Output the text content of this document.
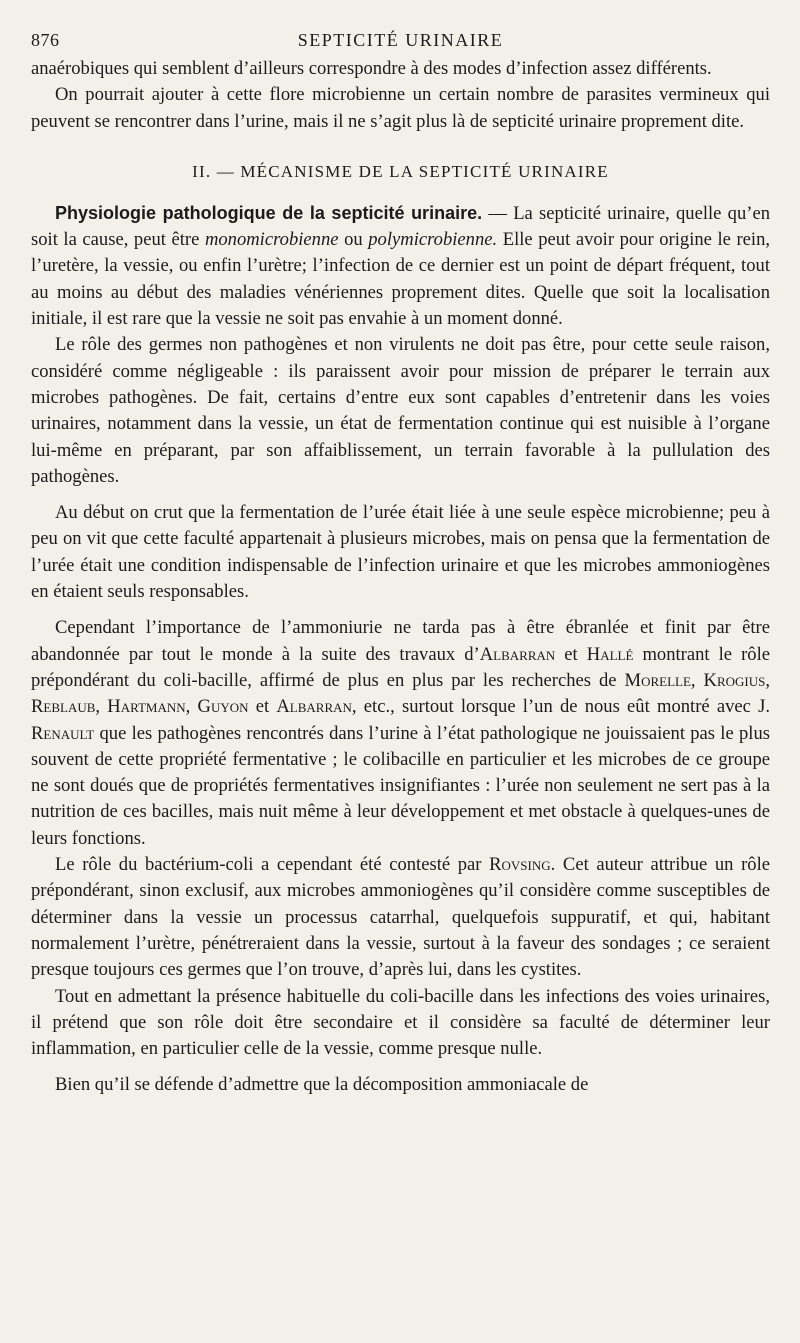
876	SEPTICITÉ URINAIRE

anaérobiques qui semblent d’ailleurs correspondre à des modes d’infection assez différents.

On pourrait ajouter à cette flore microbienne un certain nombre de parasites vermineux qui peuvent se rencontrer dans l’urine, mais il ne s’agit plus là de septicité urinaire proprement dite.

II. — MÉCANISME DE LA SEPTICITÉ URINAIRE

Physiologie pathologique de la septicité urinaire. — La septicité urinaire, quelle qu’en soit la cause, peut être monomicrobienne ou polymicrobienne. Elle peut avoir pour origine le rein, l’uretère, la vessie, ou enfin l’urètre; l’infection de ce dernier est un point de départ fréquent, tout au moins au début des maladies vénériennes proprement dites. Quelle que soit la localisation initiale, il est rare que la vessie ne soit pas envahie à un moment donné.

Le rôle des germes non pathogènes et non virulents ne doit pas être, pour cette seule raison, considéré comme négligeable : ils paraissent avoir pour mission de préparer le terrain aux microbes pathogènes. De fait, certains d’entre eux sont capables d’entretenir dans les voies urinaires, notamment dans la vessie, un état de fermentation continue qui est nuisible à l’organe lui-même en préparant, par son affaiblissement, un terrain favorable à la pullulation des pathogènes.

Au début on crut que la fermentation de l’urée était liée à une seule espèce microbienne; peu à peu on vit que cette faculté appartenait à plusieurs microbes, mais on pensa que la fermentation de l’urée était une condition indispensable de l’infection urinaire et que les microbes ammoniogènes en étaient seuls responsables.

Cependant l’importance de l’ammoniurie ne tarda pas à être ébranlée et finit par être abandonnée par tout le monde à la suite des travaux d’Albarran et Hallé montrant le rôle prépondérant du coli-bacille, affirmé de plus en plus par les recherches de Morelle, Krogius, Reblaub, Hartmann, Guyon et Albarran, etc., surtout lorsque l’un de nous eût montré avec J. Renault que les pathogènes rencontrés dans l’urine à l’état pathologique ne jouissaient pas le plus souvent de cette propriété fermentative ; le colibacille en particulier et les microbes de ce groupe ne sont doués que de propriétés fermentatives insignifiantes : l’urée non seulement ne sert pas à la nutrition de ces bacilles, mais nuit même à leur développement et met obstacle à quelques-unes de leurs fonctions.

Le rôle du bactérium-coli a cependant été contesté par Rovsing. Cet auteur attribue un rôle prépondérant, sinon exclusif, aux microbes ammoniogènes qu’il considère comme susceptibles de déterminer dans la vessie un processus catarrhal, quelquefois suppuratif, et qui, habitant normalement l’urètre, pénétreraient dans la vessie, surtout à la faveur des sondages ; ce seraient presque toujours ces germes que l’on trouve, d’après lui, dans les cystites.

Tout en admettant la présence habituelle du coli-bacille dans les infections des voies urinaires, il prétend que son rôle doit être secondaire et il considère sa faculté de déterminer leur inflammation, en particulier celle de la vessie, comme presque nulle.

Bien qu’il se défende d’admettre que la décomposition ammoniacale de
